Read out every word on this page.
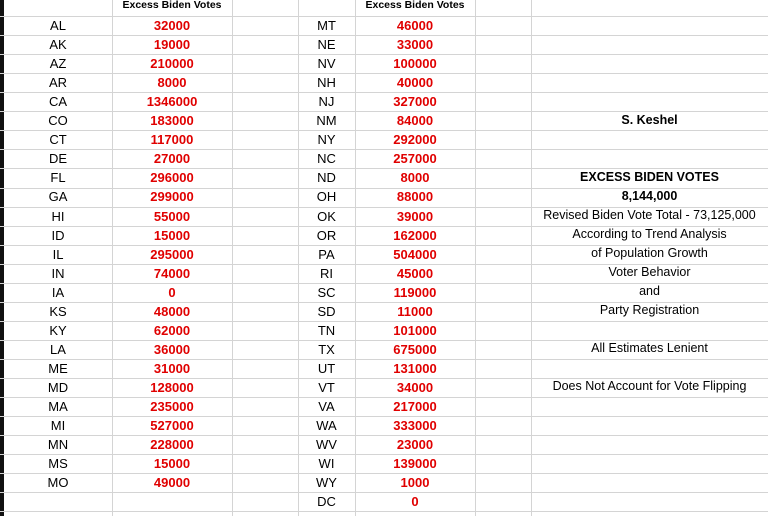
Excess Biden Votes	Excess Biden Votes
AL	32000
AK	19000
AZ	210000
AR	8000
CA	1346000
CO	183000
CT	117000
DE	27000
FL	296000
GA	299000
HI	55000
ID	15000
IL	295000
IN	74000
IA	0
KS	48000
KY	62000
LA	36000
ME	31000
MD	128000
MA	235000
MI	527000
MN	228000
MS	15000
MO	49000
MT	46000
NE	33000
NV	100000
NH	40000
NJ	327000
NM	84000
NY	292000
NC	257000
ND	8000
OH	88000
OK	39000
OR	162000
PA	504000
RI	45000
SC	119000
SD	11000
TN	101000
TX	675000
UT	131000
VT	34000
VA	217000
WA	333000
WV	23000
WI	139000
WY	1000
DC	0
S. Keshel
EXCESS BIDEN VOTES
8,144,000
Revised Biden Vote Total - 73,125,000
According to Trend Analysis
of Population Growth
Voter Behavior
and
Party Registration
All Estimates Lenient
Does Not Account for Vote Flipping
